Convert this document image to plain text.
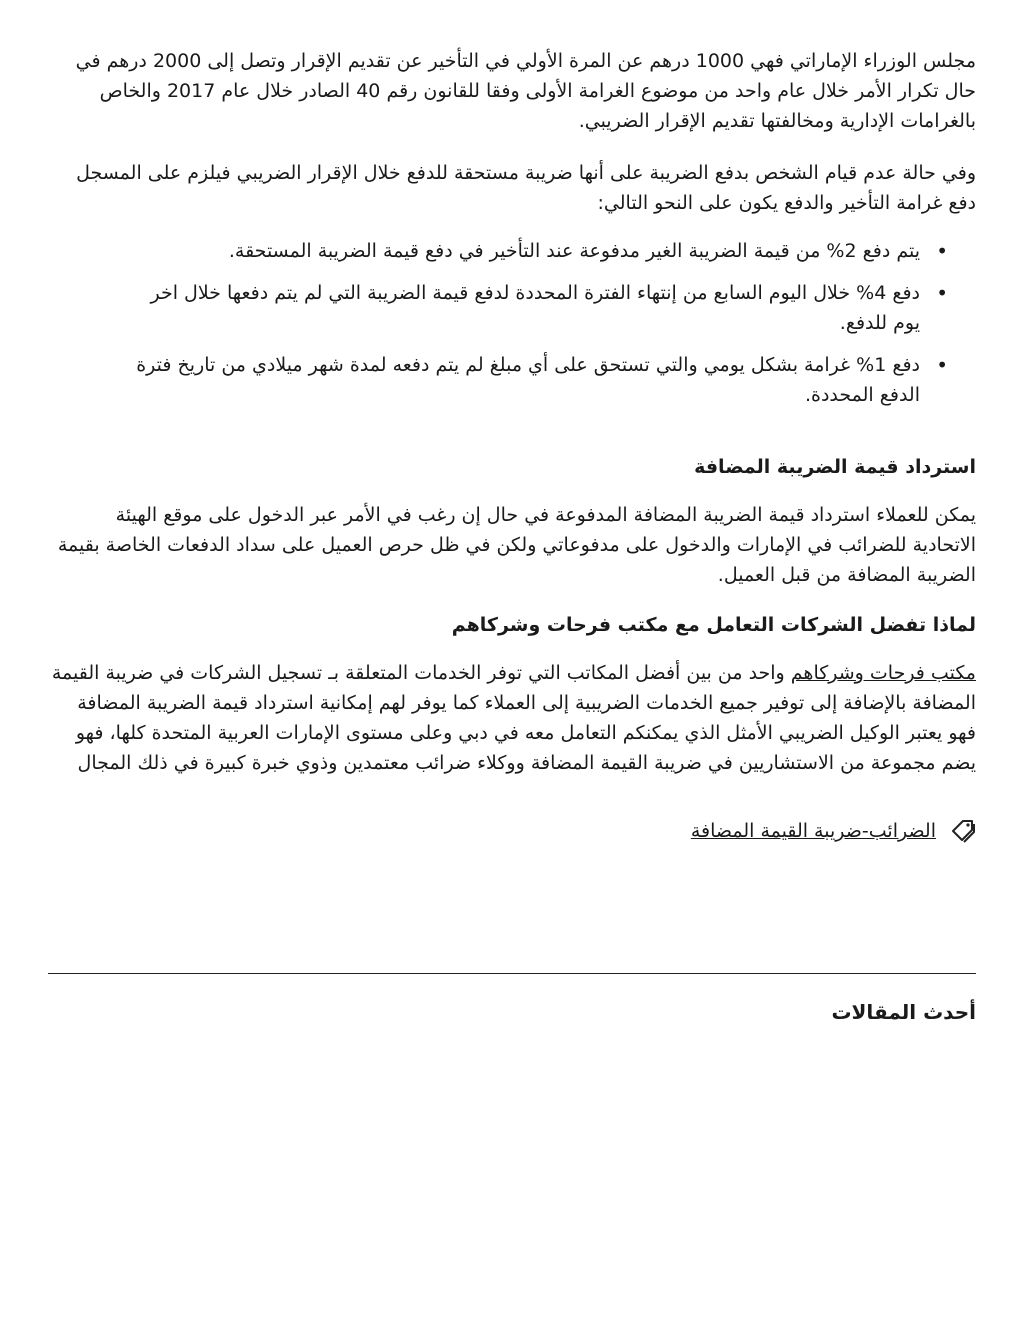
مجلس الوزراء الإماراتي فهي 1000 درهم عن المرة الأولي في التأخير عن تقديم الإقرار وتصل إلى 2000 درهم في حال تكرار الأمر خلال عام واحد من موضوع الغرامة الأولى وفقا للقانون رقم 40 الصادر خلال عام 2017 والخاص بالغرامات الإدارية ومخالفتها تقديم الإقرار الضريبي.

وفي حالة عدم قيام الشخص بدفع الضريبة على أنها ضريبة مستحقة للدفع خلال الإقرار الضريبي فيلزم على المسجل دفع غرامة التأخير والدفع يكون على النحو التالي:

• يتم دفع 2% من قيمة الضريبة الغير مدفوعة عند التأخير في دفع قيمة الضريبة المستحقة.
• دفع 4% خلال اليوم السابع من إنتهاء الفترة المحددة لدفع قيمة الضريبة التي لم يتم دفعها خلال اخر يوم للدفع.
• دفع 1% غرامة بشكل يومي والتي تستحق على أي مبلغ لم يتم دفعه لمدة شهر ميلادي من تاريخ فترة الدفع المحددة.
استرداد قيمة الضريبة المضافة

يمكن للعملاء استرداد قيمة الضريبة المضافة المدفوعة في حال إن رغب في الأمر عبر الدخول على موقع الهيئة الاتحادية للضرائب في الإمارات والدخول على مدفوعاتي ولكن في ظل حرص العميل على سداد الدفعات الخاصة بقيمة الضريبة المضافة من قبل العميل.

لماذا تفضل الشركات التعامل مع مكتب فرحات وشركاهم

مكتب فرحات وشركاهم واحد من بين أفضل المكاتب التي توفر الخدمات المتعلقة بـ تسجيل الشركات في ضريبة القيمة المضافة بالإضافة إلى توفير جميع الخدمات الضريبية إلى العملاء كما يوفر لهم إمكانية استرداد قيمة الضريبة المضافة فهو يعتبر الوكيل الضريبي الأمثل الذي يمكنكم التعامل معه في دبي وعلى مستوى الإمارات العربية المتحدة كلها، فهو يضم مجموعة من الاستشاريين في ضريبة القيمة المضافة ووكلاء ضرائب معتمدين وذوي خبرة كبيرة في ذلك المجال

الضرائب-ضريبة القيمة المضافة
أحدث المقالات
